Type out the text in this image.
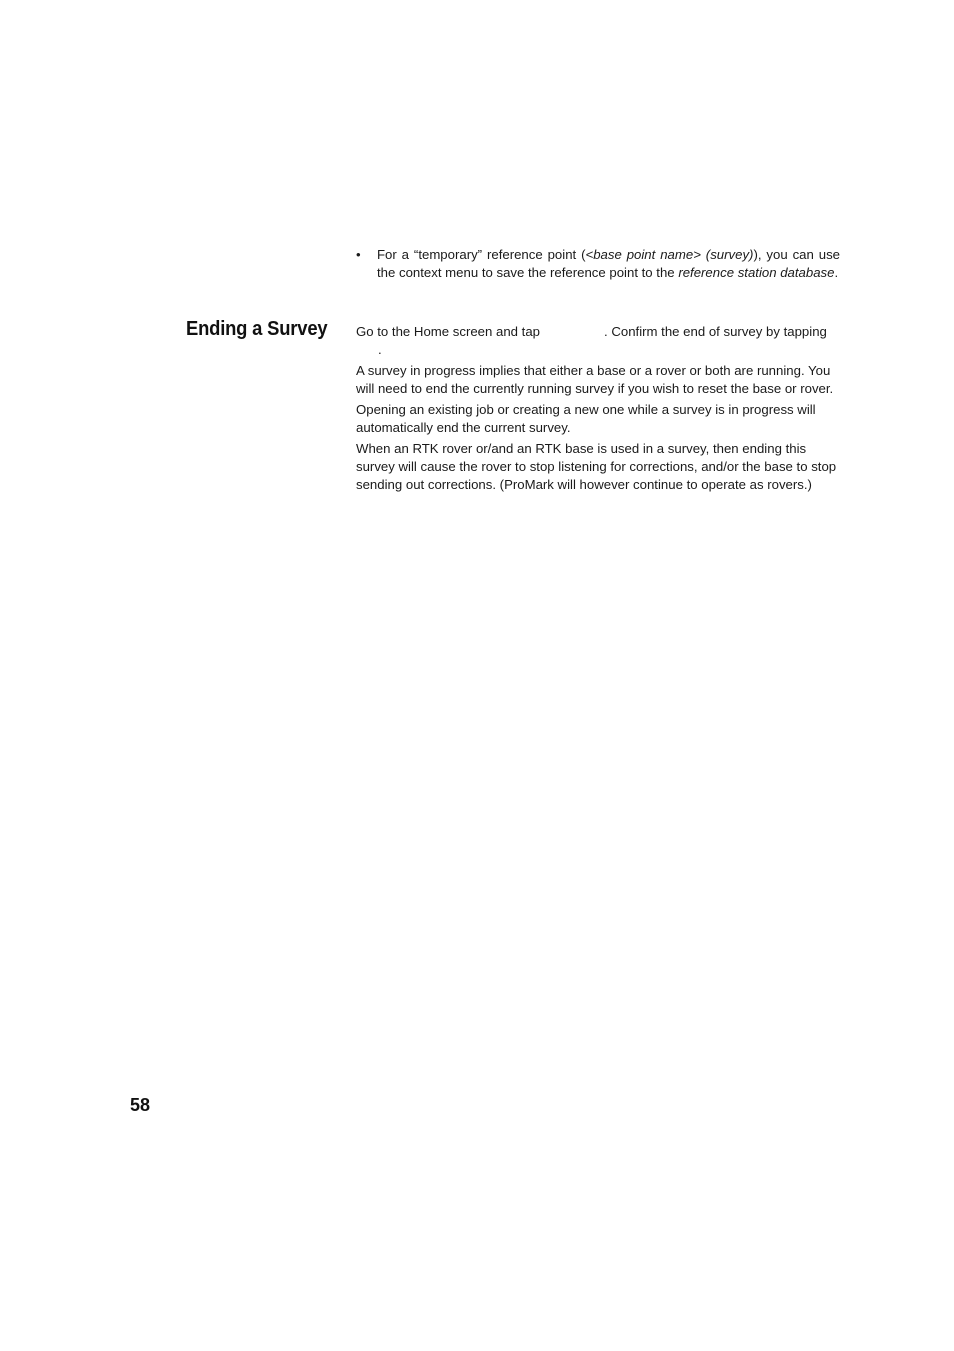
• For a “temporary” reference point (<base point name> (survey)), you can use the context menu to save the reference point to the reference station database.
Ending a Survey Go to the Home screen and tap	. Confirm the end of survey by tapping.

A survey in progress implies that either a base or a rover or both are running. You will need to end the currently running survey if you wish to reset the base or rover.

Opening an existing job or creating a new one while a survey is in progress will automatically end the current survey.

When an RTK rover or/and an RTK base is used in a survey, then ending this survey will cause the rover to stop listening for corrections, and/or the base to stop sending out corrections. (ProMark will however continue to operate as rovers.)

58
